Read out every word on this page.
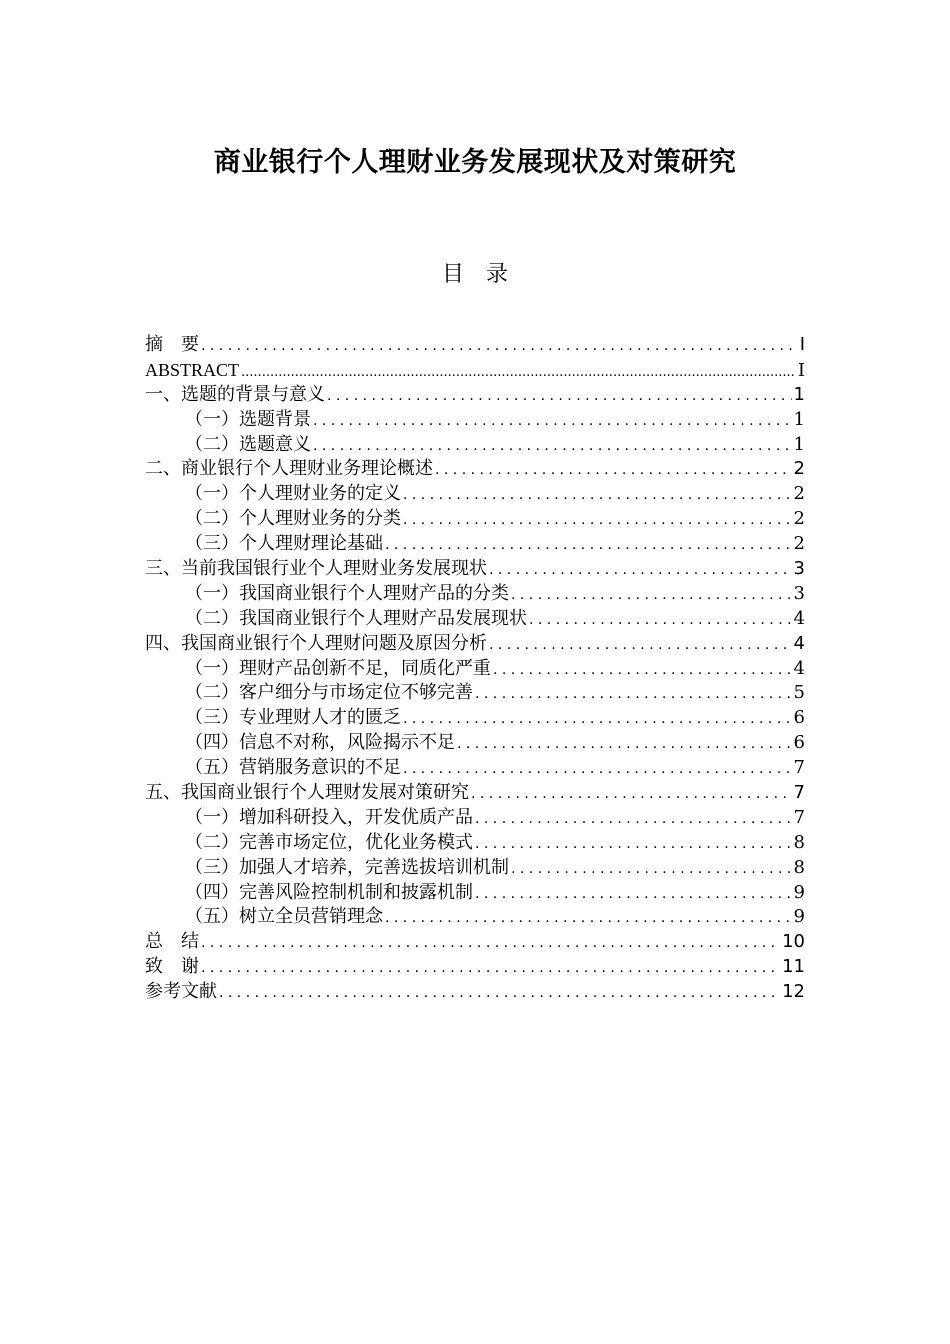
商业银行个人理财业务发展现状及对策研究
目　录
摘　要 . . .	I
ABSTRACT .....	I
一、选题的背景与意义 . . .	1
（一）选题背景 . . .	1
（二）选题意义 . . .	1
二、商业银行个人理财业务理论概述 . . .	2
（一）个人理财业务的定义 . . .	2
（二）个人理财业务的分类 . . .	2
（三）个人理财理论基础 . . .	2
三、当前我国银行业个人理财业务发展现状 . . .	3
（一）我国商业银行个人理财产品的分类 . . .	3
（二）我国商业银行个人理财产品发展现状 . . .	4
四、我国商业银行个人理财问题及原因分析 . . .	4
（一）理财产品创新不足，同质化严重 . . .	4
（二）客户细分与市场定位不够完善 . . .	5
（三）专业理财人才的匮乏 . . .	6
（四）信息不对称，风险揭示不足 . . .	6
（五）营销服务意识的不足 . . .	7
五、我国商业银行个人理财发展对策研究 . . .	7
（一）增加科研投入，开发优质产品 . . .	7
（二）完善市场定位，优化业务模式 . . .	8
（三）加强人才培养，完善选拔培训机制 . . .	8
（四）完善风险控制机制和披露机制 . . .	9
（五）树立全员营销理念 . . .	9
总　结 . . .	10
致　谢 . . .	11
参考文献 . . .	12
